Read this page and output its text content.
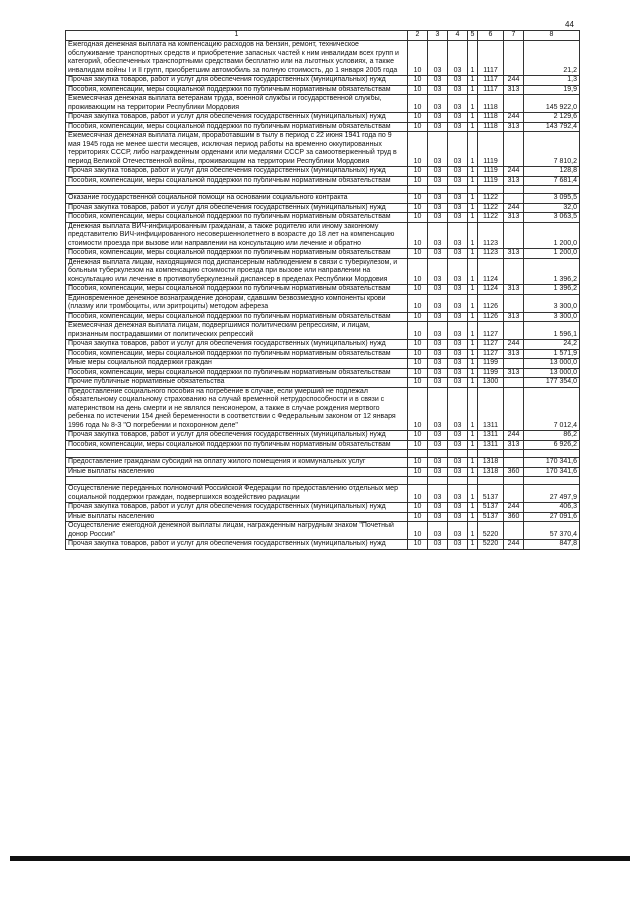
44
1	2	3	4	5	6	7	8
Ежегодная денежная выплата на компенсацию расходов на бензин, ремонт, техническое обслуживание транспортных средств и приобретение запасных частей к ним инвалидам всех групп и категорий, обеспеченных транспортными средствами бесплатно или на льготных условиях, а также инвалидам войны I и II групп, приобретшим автомобиль за полную стоимость, до 1 января 2005 года	10	03	03	1	1117		21,2
Прочая закупка товаров, работ и услуг для обеспечения государственных (муниципальных) нужд	10	03	03	1	1117	244	1,3
Пособия, компенсации, меры социальной поддержки по публичным нормативным обязательствам	10	03	03	1	1117	313	19,9
Ежемесячная денежная выплата ветеранам труда, военной службы и государственной службы, проживающим на территории Республики Мордовия	10	03	03	1	1118		145 922,0
Прочая закупка товаров, работ и услуг для обеспечения государственных (муниципальных) нужд	10	03	03	1	1118	244	2 129,6
Пособия, компенсации, меры социальной поддержки по публичным нормативным обязательствам	10	03	03	1	1118	313	143 792,4
Ежемесячная денежная выплата лицам, проработавшим в тылу в период с 22 июня 1941 года по 9 мая 1945 года не менее шести месяцев, исключая период работы на временно оккупированных территориях СССР, либо награжденным орденами или медалями СССР за самоотверженный труд в период Великой Отечественной войны, проживающим на территории Республики Мордовия	10	03	03	1	1119		7 810,2
Прочая закупка товаров, работ и услуг для обеспечения государственных (муниципальных) нужд	10	03	03	1	1119	244	128,8
Пособия, компенсации, меры социальной поддержки по публичным нормативным обязательствам	10	03	03	1	1119	313	7 681,4

Оказание государственной социальной помощи на основании социального контракта	10	03	03	1	1122		3 095,5
Прочая закупка товаров, работ и услуг для обеспечения государственных (муниципальных) нужд	10	03	03	1	1122	244	32,0
Пособия, компенсации, меры социальной поддержки по публичным нормативным обязательствам	10	03	03	1	1122	313	3 063,5
Денежная выплата ВИЧ-инфицированным гражданам, а также родителю или иному законному представителю ВИЧ-инфицированного несовершеннолетнего в возрасте до 18 лет на компенсацию стоимости проезда при вызове или направлении на консультацию или лечение и обратно	10	03	03	1	1123		1 200,0
Пособия, компенсации, меры социальной поддержки по публичным нормативным обязательствам	10	03	03	1	1123	313	1 200,0
Денежная выплата лицам, находящимся под диспансерным наблюдением в связи с туберкулезом, и больным туберкулезом на компенсацию стоимости проезда при вызове или направлении на консультацию или лечение в противотуберкулезный диспансер в пределах Республики Мордовия	10	03	03	1	1124		1 396,2
Пособия, компенсации, меры социальной поддержки по публичным нормативным обязательствам	10	03	03	1	1124	313	1 396,2
Единовременное денежное вознаграждение донорам, сдавшим безвозмездно компоненты крови (плазму или тромбоциты, или эритроциты) методом афереза	10	03	03	1	1126		3 300,0
Пособия, компенсации, меры социальной поддержки по публичным нормативным обязательствам	10	03	03	1	1126	313	3 300,0
Ежемесячная денежная выплата лицам, подвергшимся политическим репрессиям, и лицам, признанным пострадавшими от политических репрессий	10	03	03	1	1127		1 596,1
Прочая закупка товаров, работ и услуг для обеспечения государственных (муниципальных) нужд	10	03	03	1	1127	244	24,2
Пособия, компенсации, меры социальной поддержки по публичным нормативным обязательствам	10	03	03	1	1127	313	1 571,9
Иные меры социальной поддержки граждан	10	03	03	1	1199		13 000,0
Пособия, компенсации, меры социальной поддержки по публичным нормативным обязательствам	10	03	03	1	1199	313	13 000,0
Прочие публичные нормативные обязательства	10	03	03	1	1300		177 354,0
Предоставление социального пособия на погребение в случае, если умерший не подлежал обязательному социальному страхованию на случай временной нетрудоспособности и в связи с материнством на день смерти и не являлся пенсионером, а также в случае рождения мертвого ребенка по истечении 154 дней беременности в соответствии с Федеральным законом от 12 января 1996 года № 8-З "О погребении и похоронном деле"	10	03	03	1	1311		7 012,4
Прочая закупка товаров, работ и услуг для обеспечения государственных (муниципальных) нужд	10	03	03	1	1311	244	86,2
Пособия, компенсации, меры социальной поддержки по публичным нормативным обязательствам	10	03	03	1	1311	313	6 926,2

Предоставление гражданам субсидий на оплату жилого помещения и коммунальных услуг	10	03	03	1	1318		170 341,6
Иные выплаты населению	10	03	03	1	1318	360	170 341,6

Осуществление переданных полномочий Российской Федерации по предоставлению отдельных мер социальной поддержки граждан, подвергшихся воздействию радиации	10	03	03	1	5137		27 497,9
Прочая закупка товаров, работ и услуг для обеспечения государственных (муниципальных) нужд	10	03	03	1	5137	244	406,3
Иные выплаты населению	10	03	03	1	5137	360	27 091,6
Осуществление ежегодной денежной выплаты лицам, награжденным нагрудным знаком "Почетный донор России"	10	03	03	1	5220		57 370,4
Прочая закупка товаров, работ и услуг для обеспечения государственных (муниципальных) нужд	10	03	03	1	5220	244	847,8
